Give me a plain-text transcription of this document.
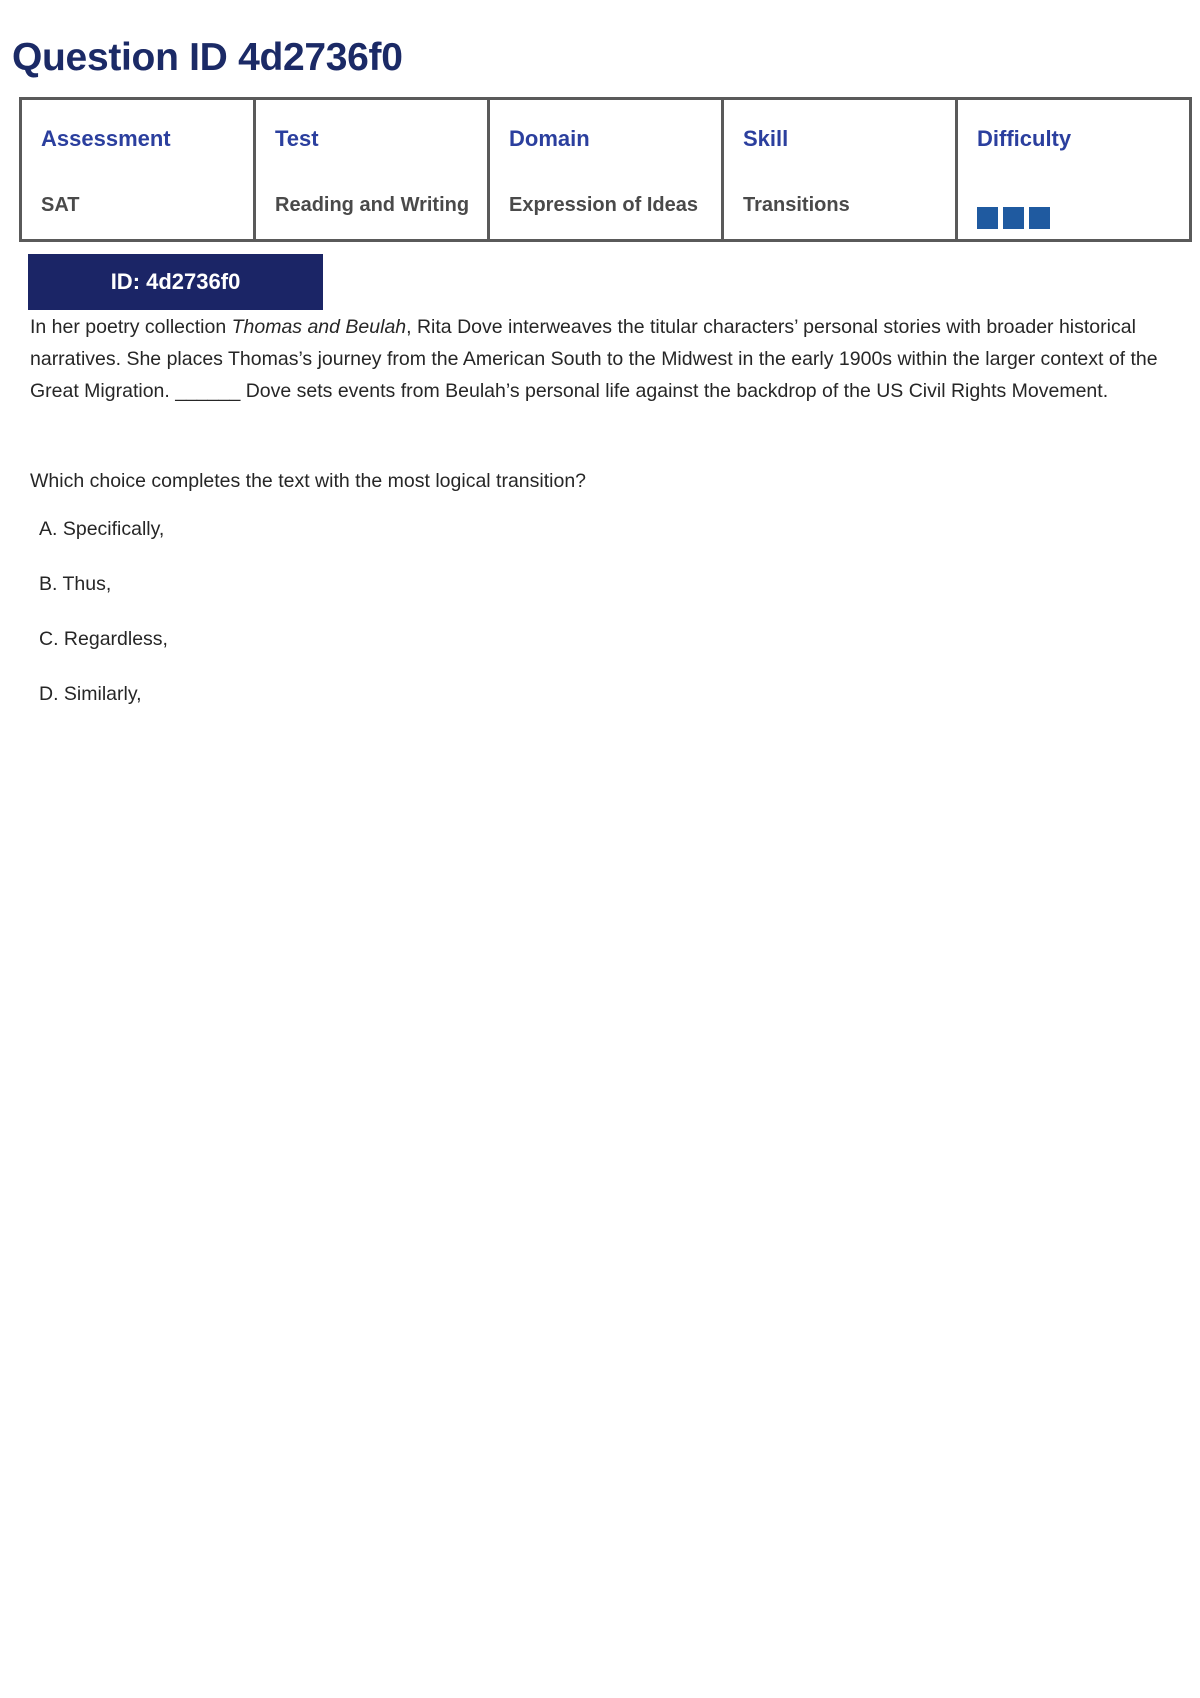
Question ID 4d2736f0
Assessment
SAT

Test
Reading and Writing

Domain
Expression of Ideas

Skill
Transitions

Difficulty
ID: 4d2736f0

In her poetry collection Thomas and Beulah, Rita Dove interweaves the titular characters’ personal stories with broader historical narratives. She places Thomas’s journey from the American South to the Midwest in the early 1900s within the larger context of the Great Migration. ______ Dove sets events from Beulah’s personal life against the backdrop of the US Civil Rights Movement.

Which choice completes the text with the most logical transition?

A. Specifically,
B. Thus,
C. Regardless,
D. Similarly,
